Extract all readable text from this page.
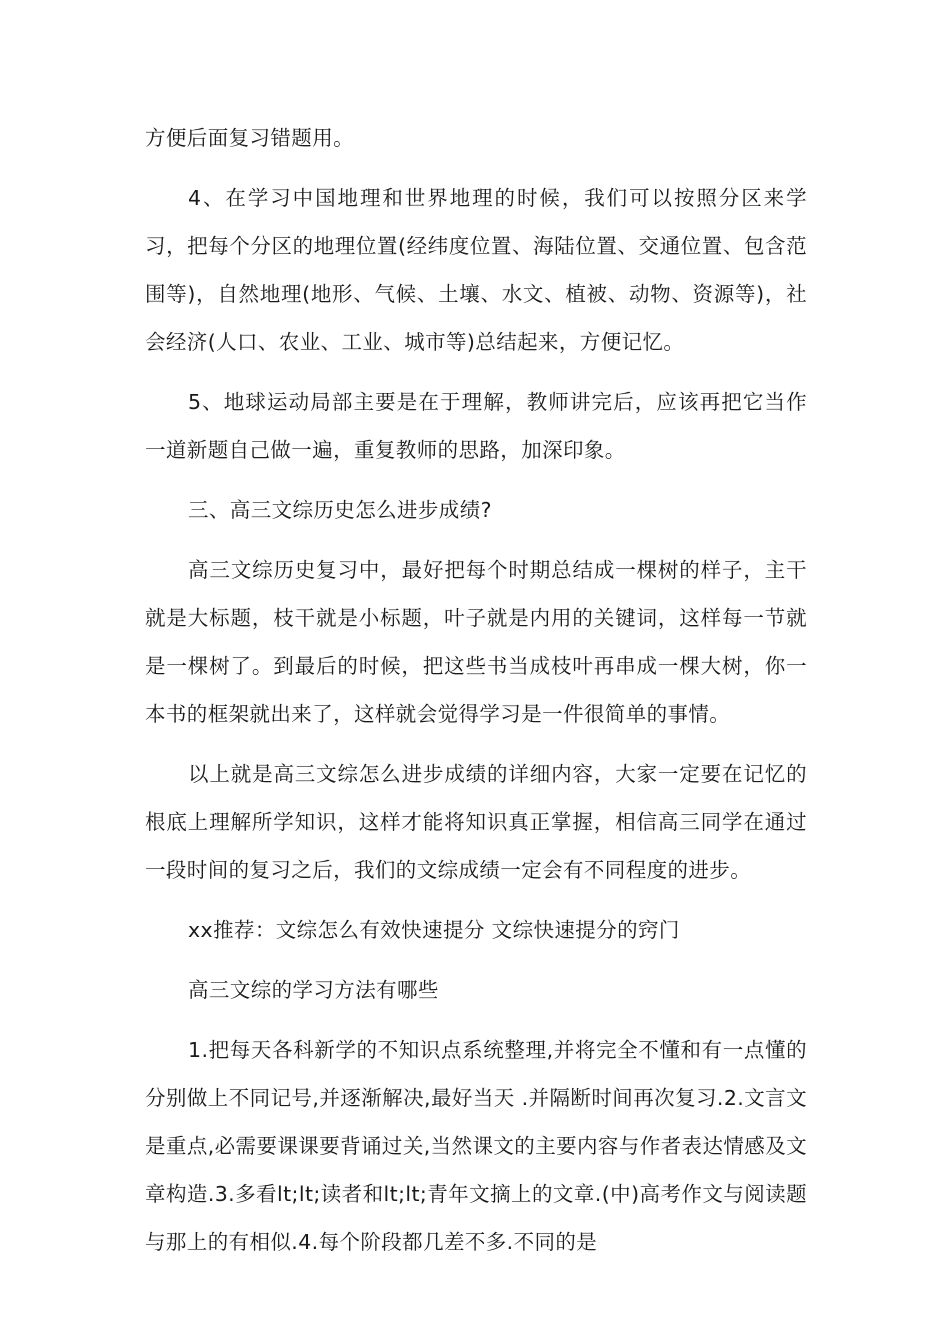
方便后面复习错题用。

4、在学习中国地理和世界地理的时候，我们可以按照分区来学习，把每个分区的地理位置(经纬度位置、海陆位置、交通位置、包含范围等)，自然地理(地形、气候、土壤、水文、植被、动物、资源等)，社会经济(人口、农业、工业、城市等)总结起来，方便记忆。

5、地球运动局部主要是在于理解，教师讲完后，应该再把它当作一道新题自己做一遍，重复教师的思路，加深印象。

三、高三文综历史怎么进步成绩?

高三文综历史复习中，最好把每个时期总结成一棵树的样子，主干就是大标题，枝干就是小标题，叶子就是内用的关键词，这样每一节就是一棵树了。到最后的时候，把这些书当成枝叶再串成一棵大树，你一本书的框架就出来了，这样就会觉得学习是一件很简单的事情。

以上就是高三文综怎么进步成绩的详细内容，大家一定要在记忆的根底上理解所学知识，这样才能将知识真正掌握，相信高三同学在通过一段时间的复习之后，我们的文综成绩一定会有不同程度的进步。

xx推荐：文综怎么有效快速提分 文综快速提分的窍门

高三文综的学习方法有哪些

1.把每天各科新学的不知识点系统整理,并将完全不懂和有一点懂的分别做上不同记号,并逐渐解决,最好当天 .并隔断时间再次复习.2.文言文是重点,必需要课课要背诵过关,当然课文的主要内容与作者表达情感及文章构造.3.多看lt;lt;读者和lt;lt;青年文摘上的文章.(中)高考作文与阅读题与那上的有相似.4.每个阶段都几差不多.不同的是
